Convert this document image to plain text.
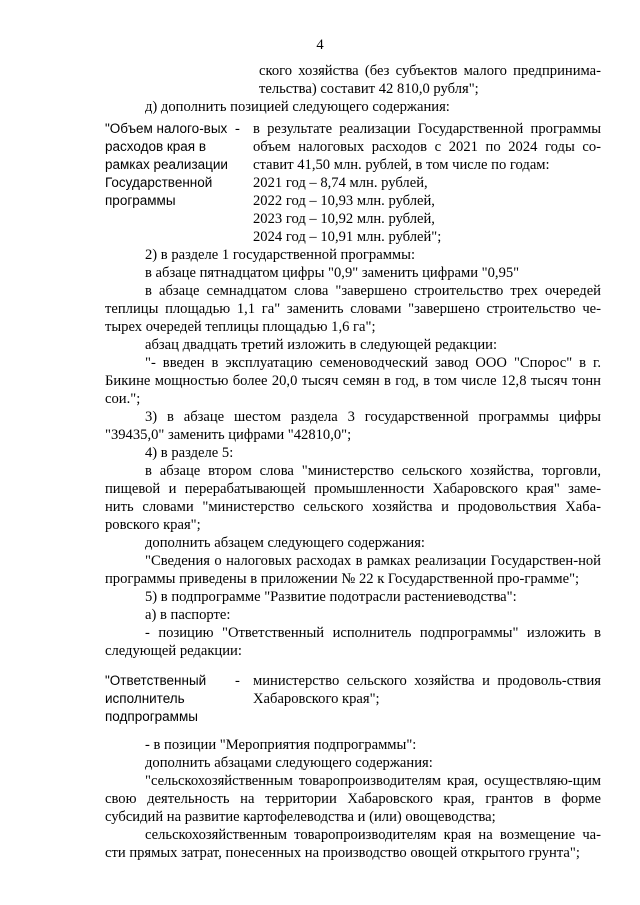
4

ского хозяйства (без субъектов малого предпринима-тельства) составит 42 810,0 рубля";

д) дополнить позицией следующего содержания:

"Объем налого-вых расходов края в рамках реализации Государственной программы
- в результате реализации Государственной программы объем налоговых расходов с 2021 по 2024 годы со-ставит 41,50 млн. рублей, в том числе по годам:

2021 год – 8,74 млн. рублей,

2022 год – 10,93 млн. рублей,

2023 год – 10,92 млн. рублей,

2024 год – 10,91 млн. рублей";

2) в разделе 1 государственной программы:

в абзаце пятнадцатом цифры "0,9" заменить цифрами "0,95"

в абзаце семнадцатом слова "завершено строительство трех очередей теплицы площадью 1,1 га" заменить словами "завершено строительство че-тырех очередей теплицы площадью 1,6 га";

абзац двадцать третий изложить в следующей редакции:

"- введен в эксплуатацию семеноводческий завод ООО "Спорос" в г. Бикине мощностью более 20,0 тысяч семян в год, в том числе 12,8 тысяч тонн сои.";

3) в абзаце шестом раздела 3 государственной программы цифры "39435,0" заменить цифрами "42810,0";

4) в разделе 5:

в абзаце втором слова "министерство сельского хозяйства, торговли, пищевой и перерабатывающей промышленности Хабаровского края" заме-нить словами "министерство сельского хозяйства и продовольствия Хаба-ровского края";

дополнить абзацем следующего содержания:

"Сведения о налоговых расходах в рамках реализации Государствен-ной программы приведены в приложении № 22 к Государственной про-грамме";

5) в подпрограмме "Развитие подотрасли растениеводства":

а) в паспорте:

- позицию "Ответственный исполнитель подпрограммы" изложить в следующей редакции:

"Ответственный исполнитель подпрограммы
- министерство сельского хозяйства и продоволь-ствия Хабаровского края";

- в позиции "Мероприятия подпрограммы":

дополнить абзацами следующего содержания:

"сельскохозяйственным товаропроизводителям края, осуществляю-щим свою деятельность на территории Хабаровского края, грантов в форме субсидий на развитие картофелеводства и (или) овощеводства;

сельскохозяйственным товаропроизводителям края на возмещение ча-сти прямых затрат, понесенных на производство овощей открытого грунта";
